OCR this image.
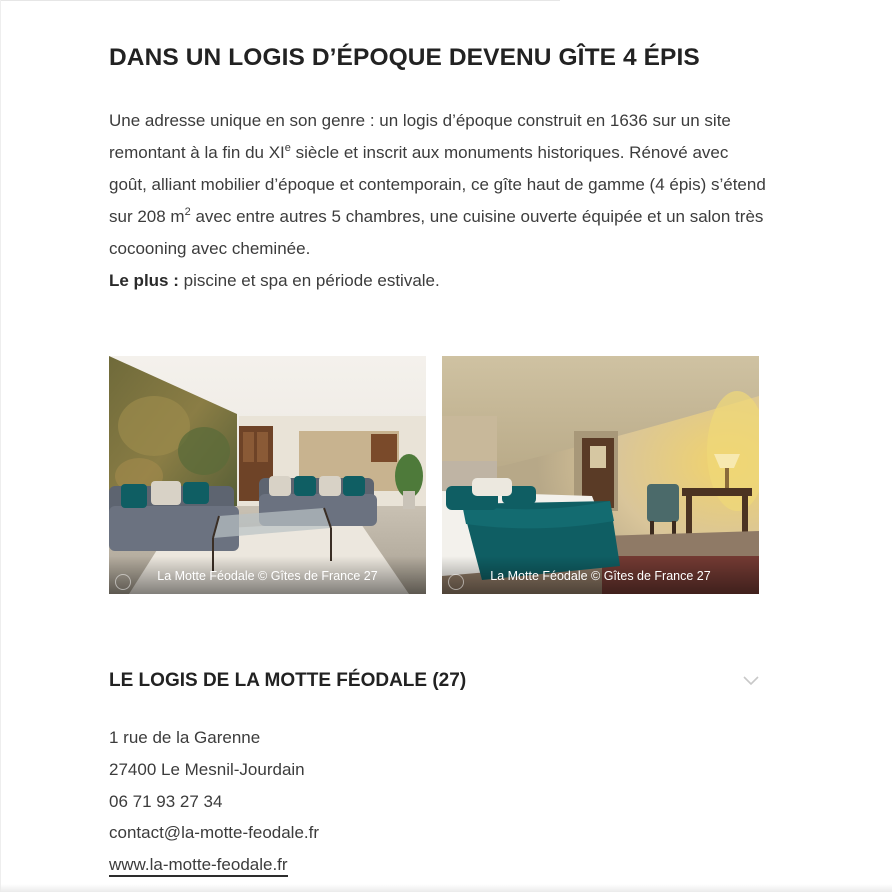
DANS UN LOGIS D’ÉPOQUE DEVENU GÎTE 4 ÉPIS

Une adresse unique en son genre : un logis d’époque construit en 1636 sur un site remontant à la fin du XIe siècle et inscrit aux monuments historiques. Rénové avec goût, alliant mobilier d’époque et contemporain, ce gîte haut de gamme (4 épis) s’étend sur 208 $m^2$ avec entre autres 5 chambres, une cuisine ouverte équipée et un salon très cocooning avec cheminée.
Le plus : piscine et spa en période estivale.

La Motte Féodale © Gîtes de France 27	La Motte Féodale © Gîtes de France 27
LE LOGIS DE LA MOTTE FÉODALE (27)
1 rue de la Garenne
27400 Le Mesnil-Jourdain
06 71 93 27 34
contact@la-motte-feodale.fr
www.la-motte-feodale.fr
